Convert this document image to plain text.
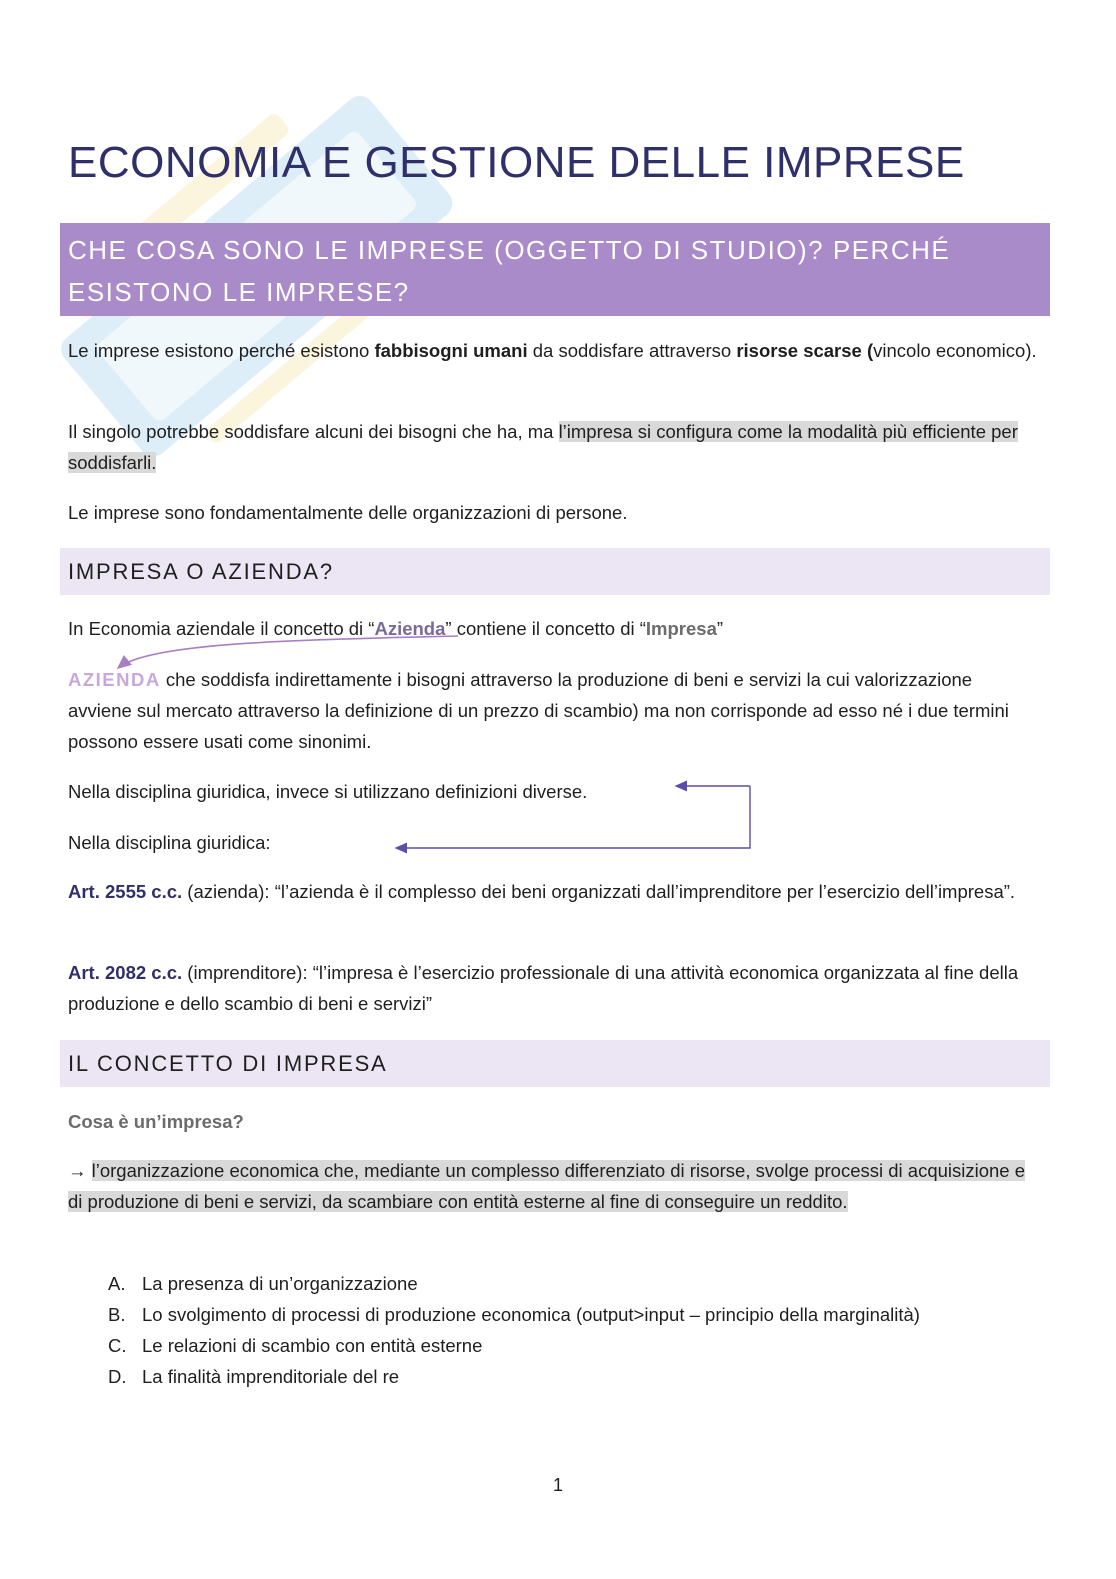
ECONOMIA E GESTIONE DELLE IMPRESE

CHE COSA SONO LE IMPRESE (OGGETTO DI STUDIO)? PERCHÉ ESISTONO LE IMPRESE?

Le imprese esistono perché esistono fabbisogni umani da soddisfare attraverso risorse scarse (vincolo economico).

Il singolo potrebbe soddisfare alcuni dei bisogni che ha, ma l’impresa si configura come la modalità più efficiente per soddisfarli.

Le imprese sono fondamentalmente delle organizzazioni di persone.

IMPRESA O AZIENDA?

In Economia aziendale il concetto di “Azienda” contiene il concetto di “Impresa”

AZIENDA che soddisfa indirettamente i bisogni attraverso la produzione di beni e servizi la cui valorizzazione avviene sul mercato attraverso la definizione di un prezzo di scambio) ma non corrisponde ad esso né i due termini possono essere usati come sinonimi.

Nella disciplina giuridica, invece si utilizzano definizioni diverse.

Nella disciplina giuridica:

Art. 2555 c.c. (azienda): “l’azienda è il complesso dei beni organizzati dall’imprenditore per l’esercizio dell’impresa”.

Art. 2082 c.c. (imprenditore): “l’impresa è l’esercizio professionale di una attività economica organizzata al fine della produzione e dello scambio di beni e servizi”

IL CONCETTO DI IMPRESA

Cosa è un’impresa?

→ l’organizzazione economica che, mediante un complesso differenziato di risorse, svolge processi di acquisizione e di produzione di beni e servizi, da scambiare con entità esterne al fine di conseguire un reddito.

A. La presenza di un’organizzazione
B. Lo svolgimento di processi di produzione economica (output>input – principio della marginalità)
C. Le relazioni di scambio con entità esterne
D. La finalità imprenditoriale del re
1
